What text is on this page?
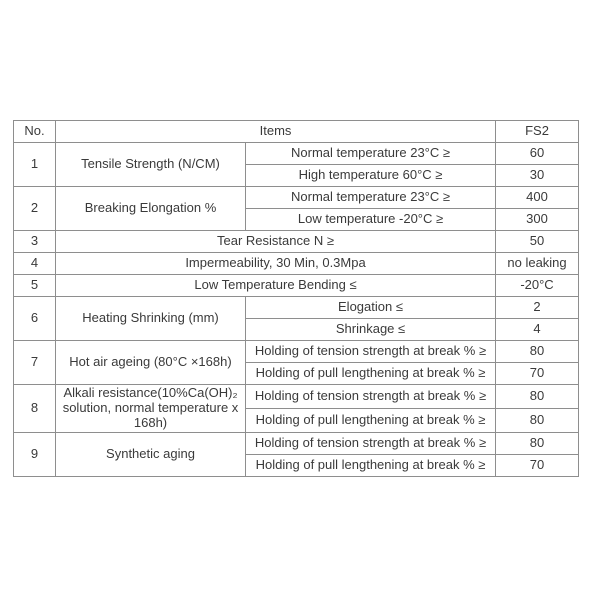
No.	Items		FS2
1	Tensile Strength (N/CM)	Normal temperature 23°C ≥	60
		High temperature 60°C ≥	30
2	Breaking Elongation %	Normal temperature 23°C ≥	400
		Low temperature -20°C ≥	300
3	Tear Resistance N ≥		50
4	Impermeability, 30 Min, 0.3Mpa		no leaking
5	Low Temperature Bending ≤		-20°C
6	Heating Shrinking (mm)	Elogation ≤	2
		Shrinkage ≤	4
7	Hot air ageing (80°C ×168h)	Holding of tension strength at break % ≥	80
		Holding of pull lengthening at break % ≥	70
8	Alkali resistance(10%Ca(OH)₂ solution, normal temperature x 168h)	Holding of tension strength at break % ≥	80
		Holding of pull lengthening at break % ≥	80
9	Synthetic aging	Holding of tension strength at break % ≥	80
		Holding of pull lengthening at break % ≥	70
